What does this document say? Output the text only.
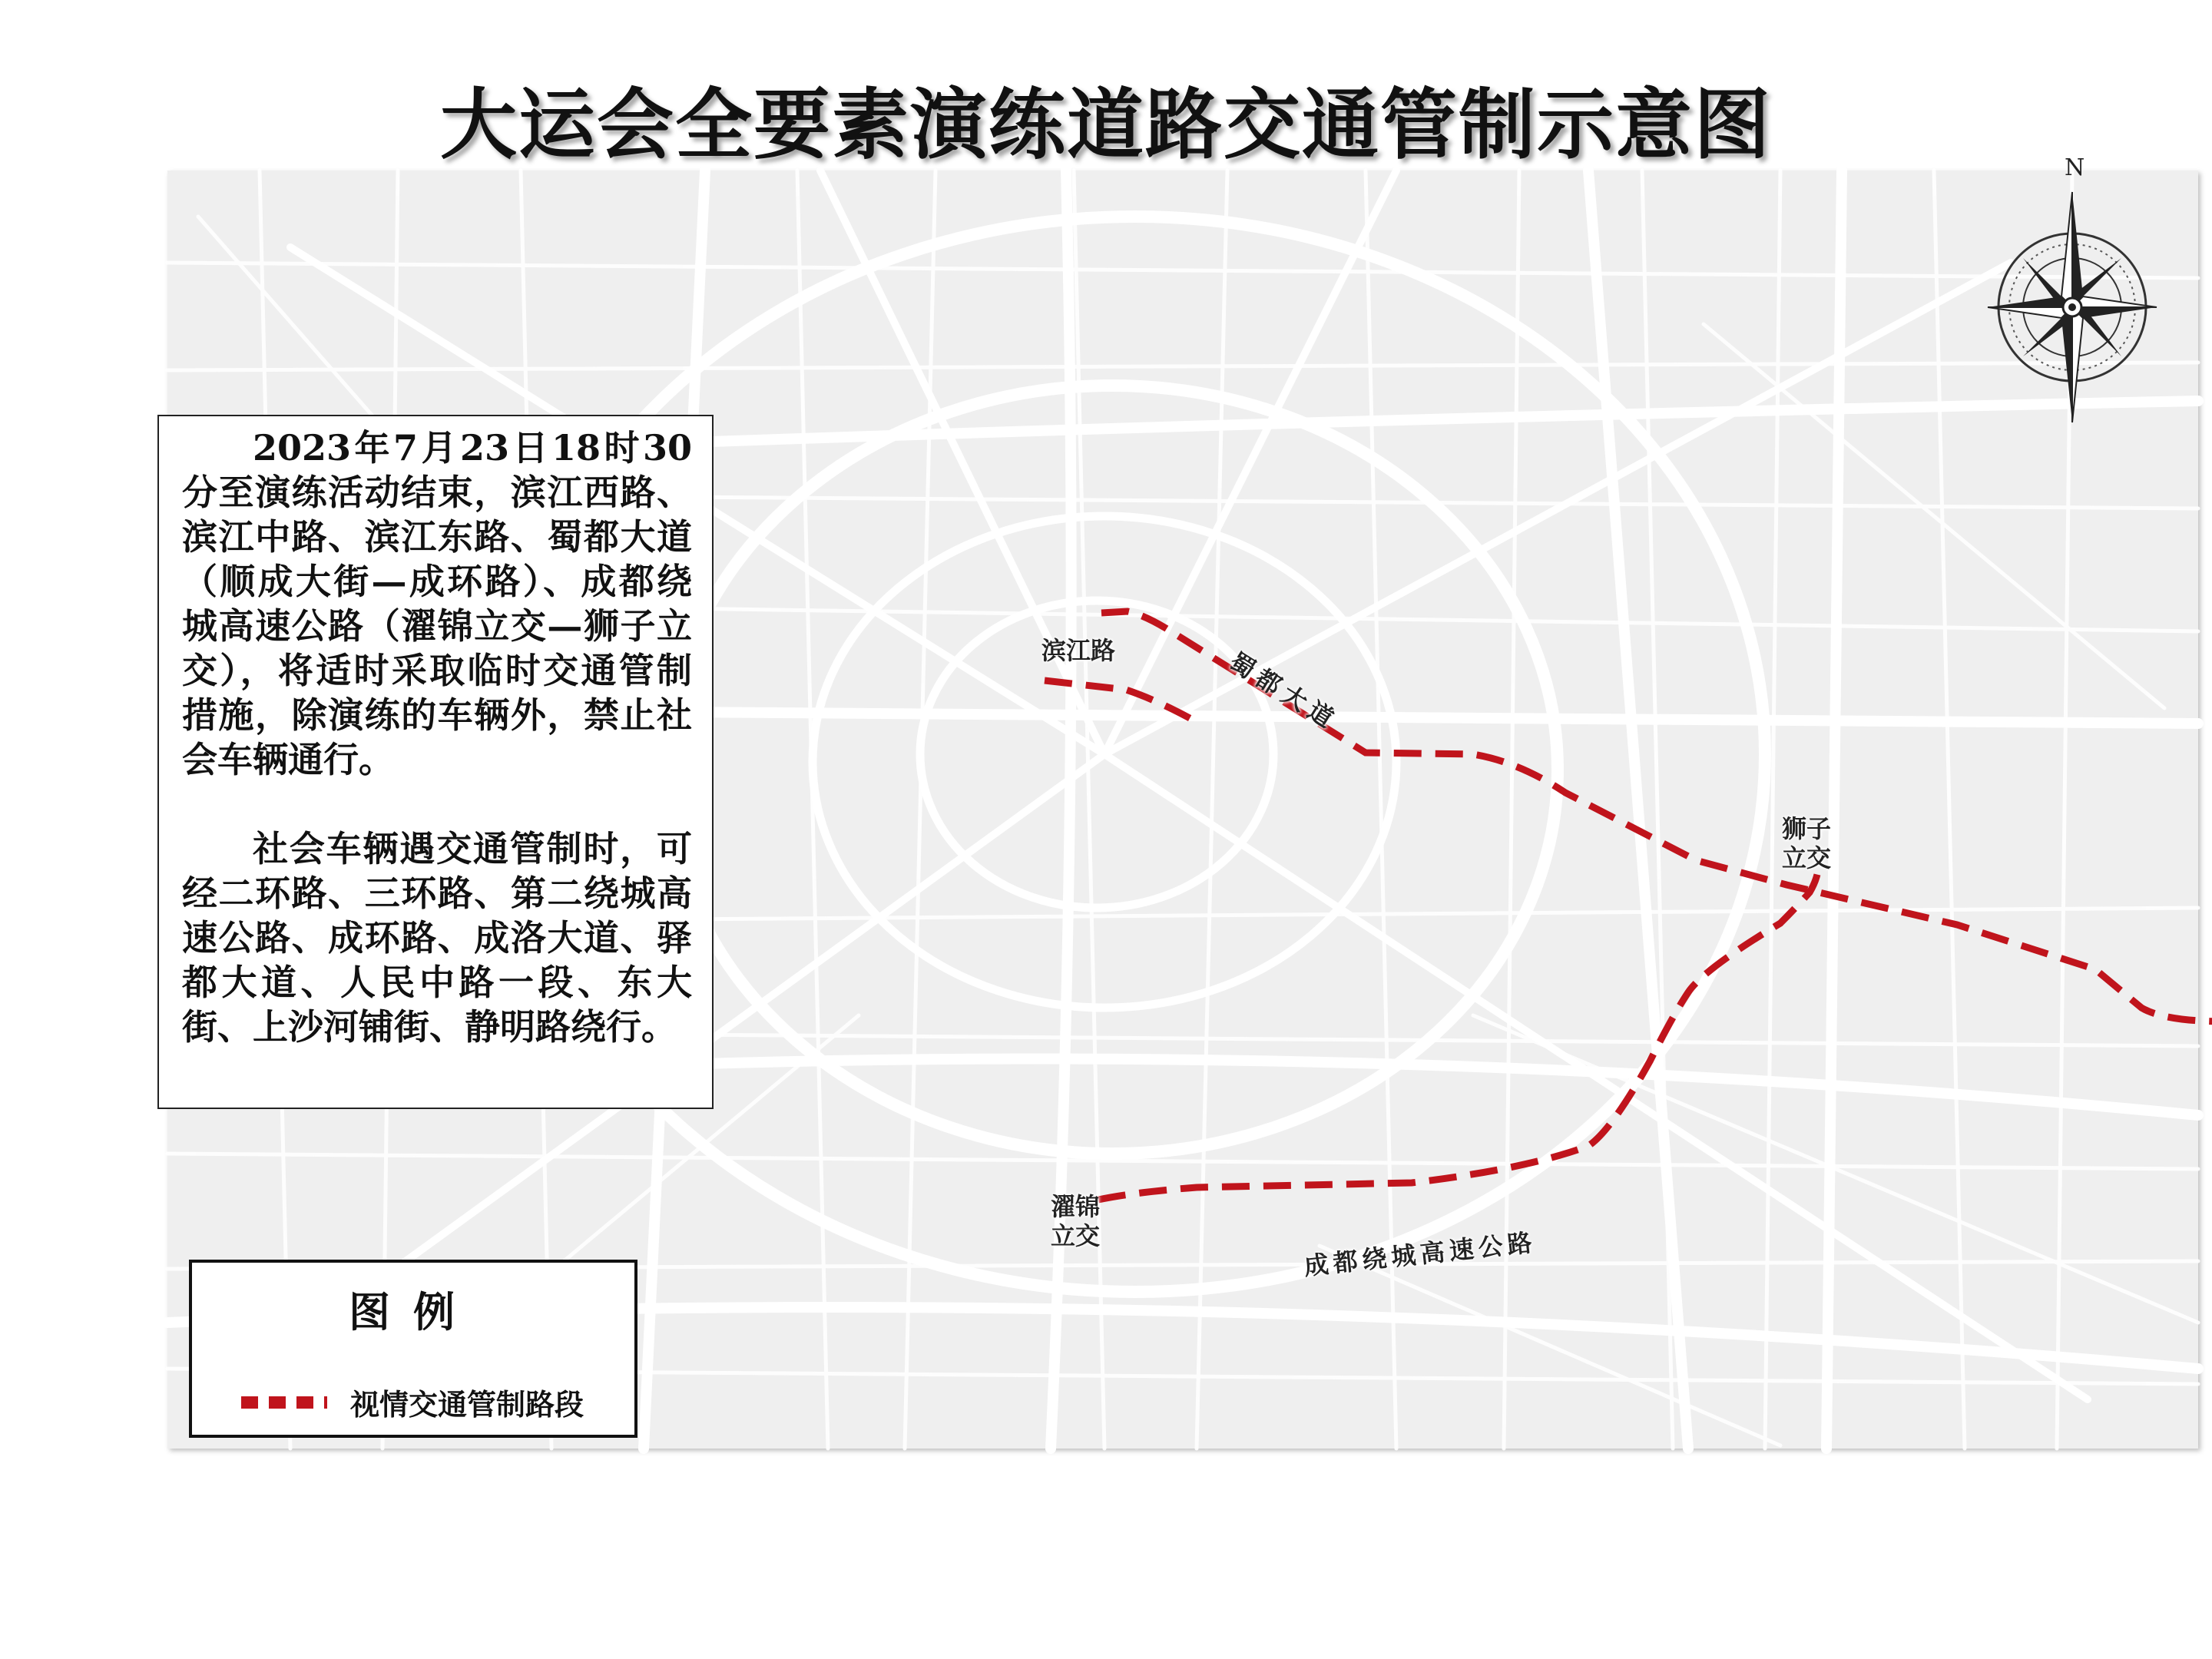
大运会全要素演练道路交通管制示意图	N
滨江路	蜀都大道
狮子
立交
濯锦
立交	成都绕城高速公路

2023年7月23日18时30分至演练活动结束，滨江西路、滨江中路、滨江东路、蜀都大道（顺成大街—成环路）、成都绕城高速公路（濯锦立交—狮子立交），将适时采取临时交通管制措施，除演练的车辆外，禁止社会车辆通行。

社会车辆遇交通管制时，可经二环路、三环路、第二绕城高速公路、成环路、成洛大道、驿都大道、人民中路一段、东大街、上沙河铺街、静明路绕行。

图例
视情交通管制路段
